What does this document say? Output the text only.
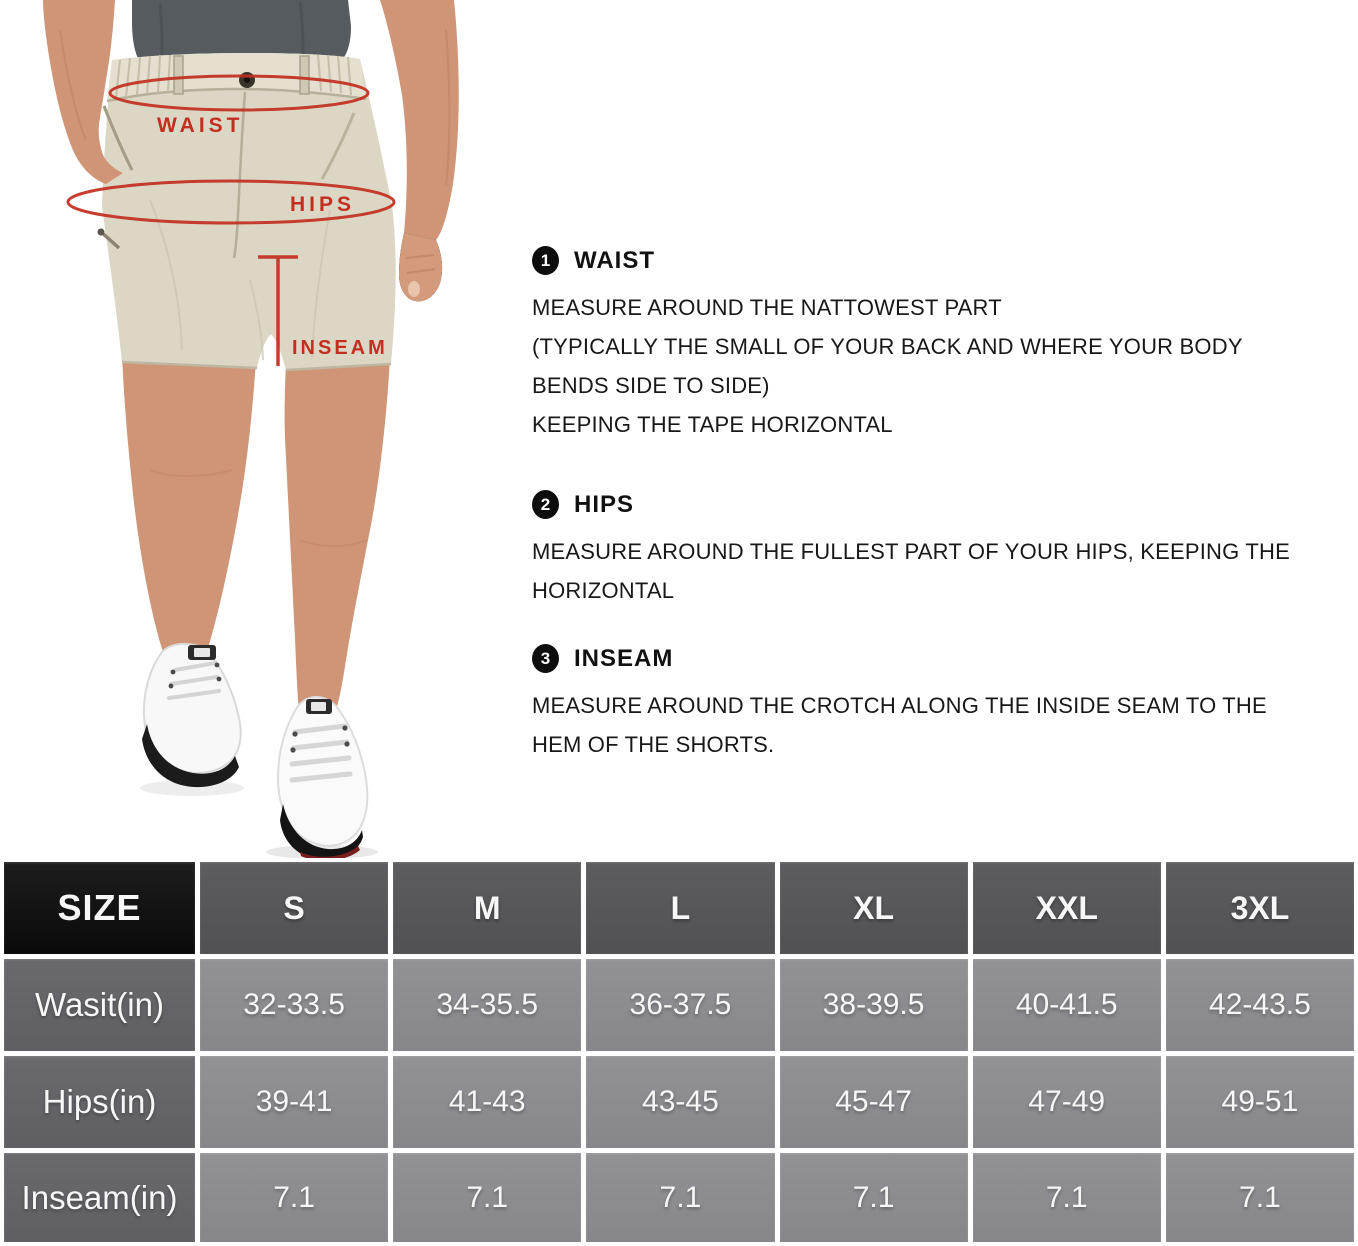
WAIST
HIPS
INSEAM
1 WAIST
MEASURE AROUND THE NATTOWEST PART
(TYPICALLY THE SMALL OF YOUR BACK AND WHERE YOUR BODY
BENDS SIDE TO SIDE)
KEEPING THE TAPE HORIZONTAL
2 HIPS
MEASURE AROUND THE FULLEST PART OF YOUR HIPS, KEEPING THE
HORIZONTAL
3 INSEAM
MEASURE AROUND THE CROTCH ALONG THE INSIDE SEAM TO THE
HEM OF THE SHORTS.
SIZE	S	M	L	XL	XXL	3XL
Wasit(in)	32-33.5	34-35.5	36-37.5	38-39.5	40-41.5	42-43.5
Hips(in)	39-41	41-43	43-45	45-47	47-49	49-51
Inseam(in)	7.1	7.1	7.1	7.1	7.1	7.1
